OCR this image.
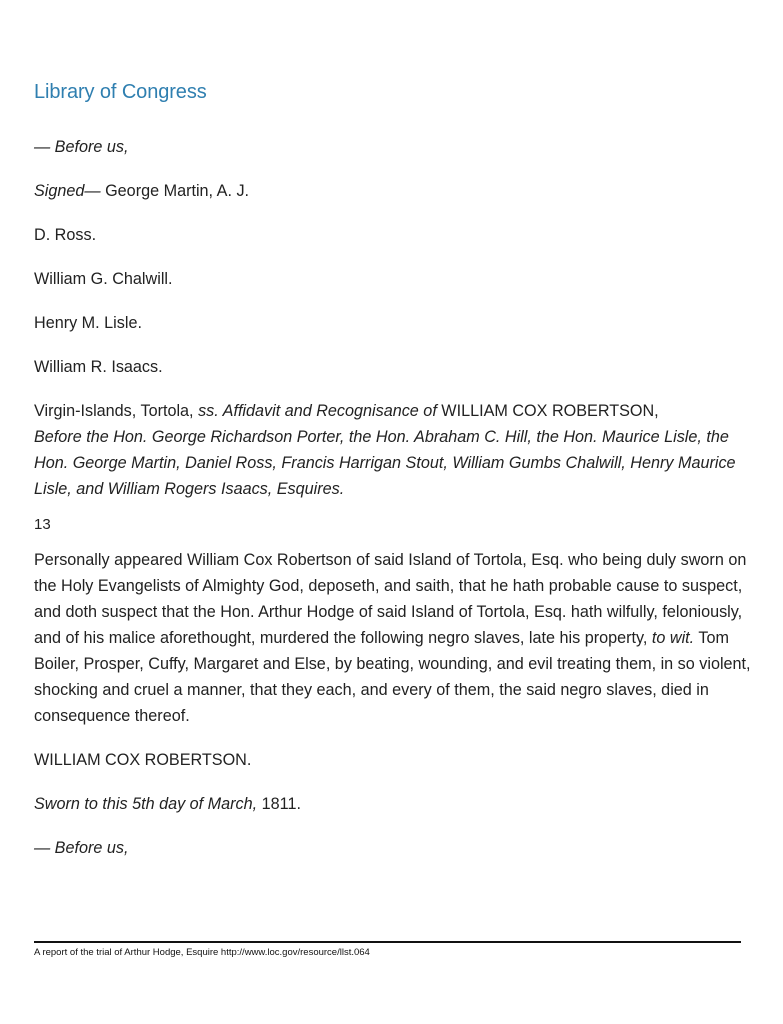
Library of Congress

— Before us,

Signed— George Martin, A. J.

D. Ross.

William G. Chalwill.

Henry M. Lisle.

William R. Isaacs.

Virgin-Islands, Tortola, ss. Affidavit and Recognisance of WILLIAM COX ROBERTSON,
Before the Hon. George Richardson Porter, the Hon. Abraham C. Hill, the Hon. Maurice Lisle, the Hon. George Martin, Daniel Ross, Francis Harrigan Stout, William Gumbs Chalwill, Henry Maurice Lisle, and William Rogers Isaacs, Esquires.

13

Personally appeared William Cox Robertson of said Island of Tortola, Esq. who being duly sworn on the Holy Evangelists of Almighty God, deposeth, and saith, that he hath probable cause to suspect, and doth suspect that the Hon. Arthur Hodge of said Island of Tortola, Esq. hath wilfully, feloniously, and of his malice aforethought, murdered the following negro slaves, late his property, to wit. Tom Boiler, Prosper, Cuffy, Margaret and Else, by beating, wounding, and evil treating them, in so violent, shocking and cruel a manner, that they each, and every of them, the said negro slaves, died in consequence thereof.

WILLIAM COX ROBERTSON.

Sworn to this 5th day of March, 1811.

— Before us,

A report of the trial of Arthur Hodge, Esquire http://www.loc.gov/resource/llst.064
